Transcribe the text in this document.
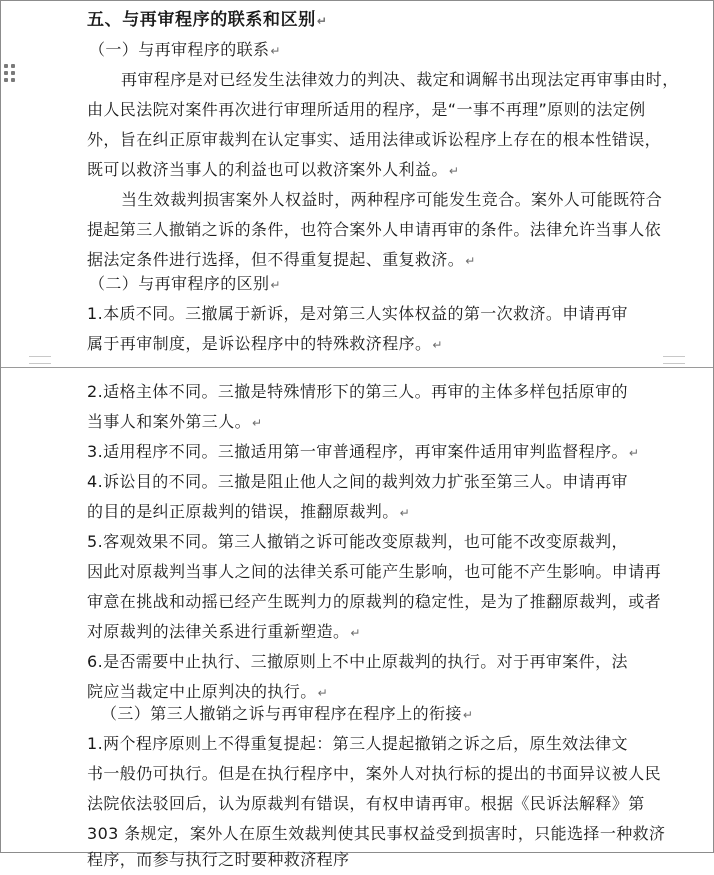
五、与再审程序的联系和区别↵
（一）与再审程序的联系↵
再审程序是对已经发生法律效力的判决、裁定和调解书出现法定再审事由时，
由人民法院对案件再次进行审理所适用的程序，是“一事不再理”原则的法定例
外，旨在纠正原审裁判在认定事实、适用法律或诉讼程序上存在的根本性错误，
既可以救济当事人的利益也可以救济案外人利益。↵
当生效裁判损害案外人权益时，两种程序可能发生竞合。案外人可能既符合
提起第三人撤销之诉的条件，也符合案外人申请再审的条件。法律允许当事人依
据法定条件进行选择，但不得重复提起、重复救济。↵
（二）与再审程序的区别↵
1.本质不同。三撤属于新诉，是对第三人实体权益的第一次救济。申请再审
属于再审制度，是诉讼程序中的特殊救济程序。↵
2.适格主体不同。三撤是特殊情形下的第三人。再审的主体多样包括原审的
当事人和案外第三人。↵
3.适用程序不同。三撤适用第一审普通程序，再审案件适用审判监督程序。↵
4.诉讼目的不同。三撤是阻止他人之间的裁判效力扩张至第三人。申请再审
的目的是纠正原裁判的错误，推翻原裁判。↵
5.客观效果不同。第三人撤销之诉可能改变原裁判，也可能不改变原裁判，
因此对原裁判当事人之间的法律关系可能产生影响，也可能不产生影响。申请再
审意在挑战和动摇已经产生既判力的原裁判的稳定性，是为了推翻原裁判，或者
对原裁判的法律关系进行重新塑造。↵
6.是否需要中止执行、三撤原则上不中止原裁判的执行。对于再审案件，法
院应当裁定中止原判决的执行。↵
（三）第三人撤销之诉与再审程序在程序上的衔接↵
1.两个程序原则上不得重复提起：第三人提起撤销之诉之后，原生效法律文
书一般仍可执行。但是在执行程序中，案外人对执行标的提出的书面异议被人民
法院依法驳回后，认为原裁判有错误，有权申请再审。根据《民诉法解释》第
303 条规定，案外人在原生效裁判使其民事权益受到损害时，只能选择一种救济
程序，而参与执行之时要种救济程序
